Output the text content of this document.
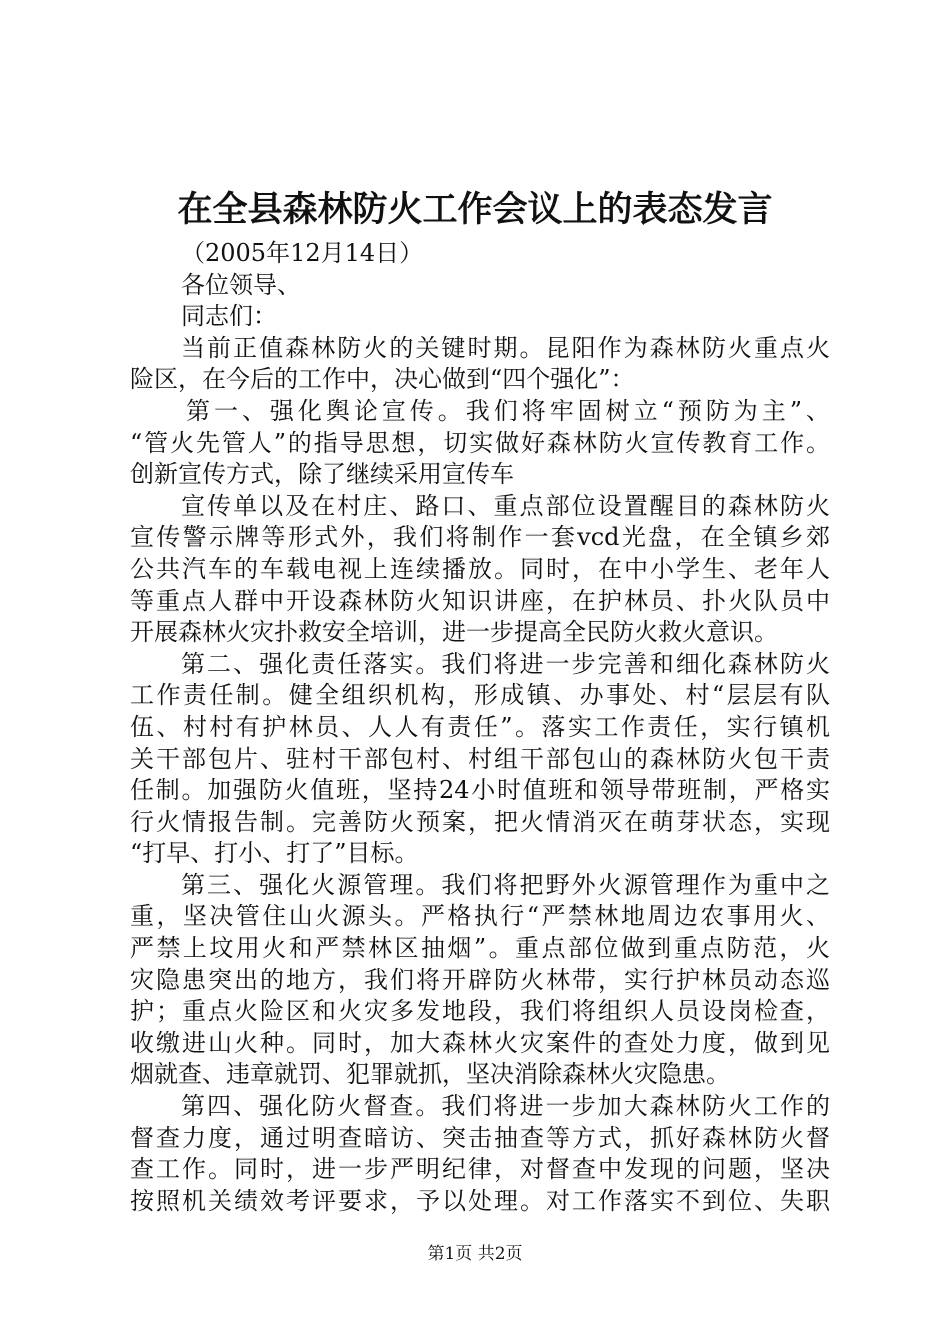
在全县森林防火工作会议上的表态发言
（2005年12月14日）
各位领导、
同志们：
当前正值森林防火的关键时期。昆阳作为森林防火重点火
险区，在今后的工作中，决心做到“四个强化”：
第一、强化舆论宣传。我们将牢固树立“预防为主”、
“管火先管人”的指导思想，切实做好森林防火宣传教育工作。
创新宣传方式，除了继续采用宣传车
宣传单以及在村庄、路口、重点部位设置醒目的森林防火
宣传警示牌等形式外，我们将制作一套vcd光盘，在全镇乡郊
公共汽车的车载电视上连续播放。同时，在中小学生、老年人
等重点人群中开设森林防火知识讲座，在护林员、扑火队员中
开展森林火灾扑救安全培训，进一步提高全民防火救火意识。
第二、强化责任落实。我们将进一步完善和细化森林防火
工作责任制。健全组织机构，形成镇、办事处、村“层层有队
伍、村村有护林员、人人有责任”。落实工作责任，实行镇机
关干部包片、驻村干部包村、村组干部包山的森林防火包干责
任制。加强防火值班，坚持24小时值班和领导带班制，严格实
行火情报告制。完善防火预案，把火情消灭在萌芽状态，实现
“打早、打小、打了”目标。
第三、强化火源管理。我们将把野外火源管理作为重中之
重，坚决管住山火源头。严格执行“严禁林地周边农事用火、
严禁上坟用火和严禁林区抽烟”。重点部位做到重点防范，火
灾隐患突出的地方，我们将开辟防火林带，实行护林员动态巡
护；重点火险区和火灾多发地段，我们将组织人员设岗检查，
收缴进山火种。同时，加大森林火灾案件的查处力度，做到见
烟就查、违章就罚、犯罪就抓，坚决消除森林火灾隐患。
第四、强化防火督查。我们将进一步加大森林防火工作的
督查力度，通过明查暗访、突击抽查等方式，抓好森林防火督
查工作。同时，进一步严明纪律，对督查中发现的问题，坚决
按照机关绩效考评要求，予以处理。对工作落实不到位、失职
第1页 共2页
